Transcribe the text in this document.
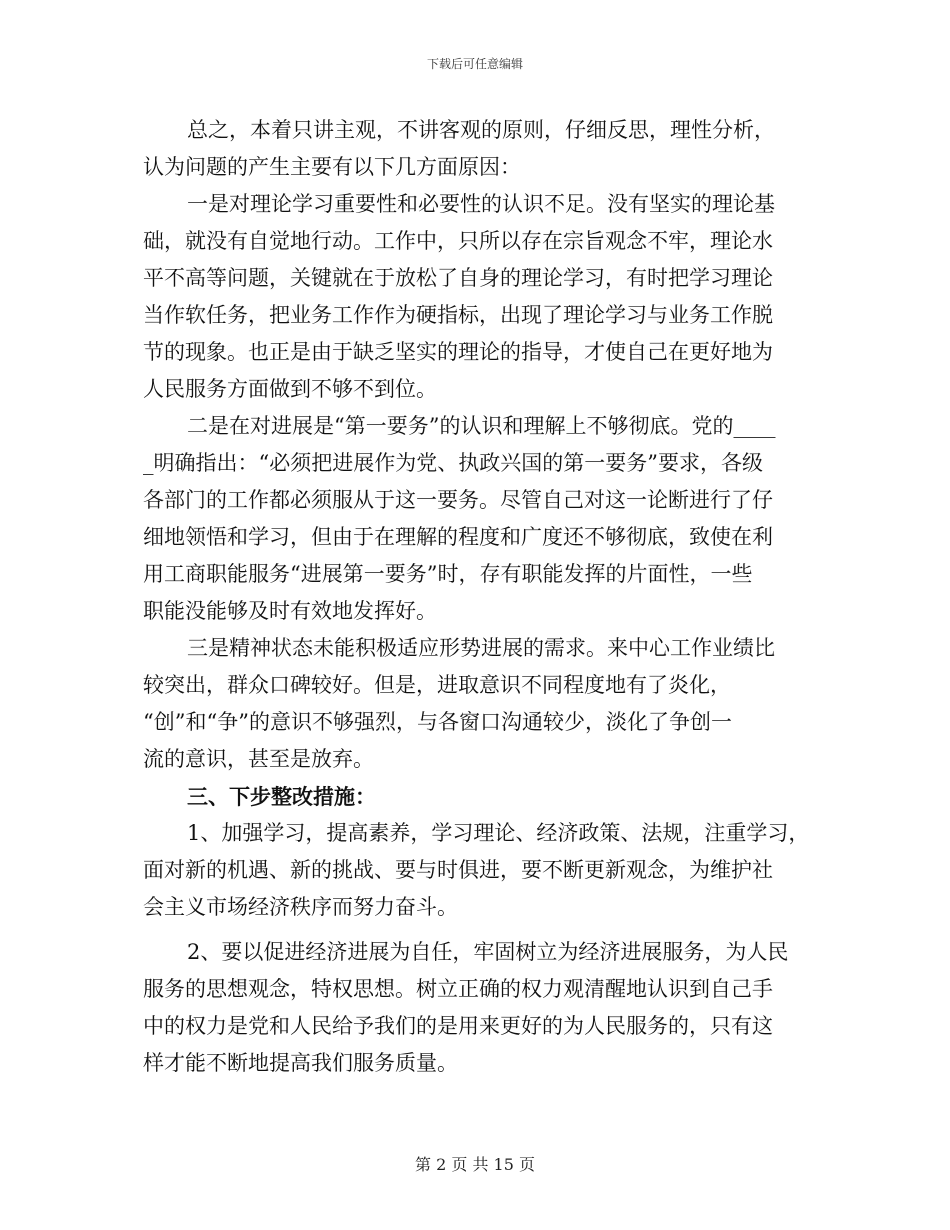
下载后可任意编辑
总之，本着只讲主观，不讲客观的原则，仔细反思，理性分析，
认为问题的产生主要有以下几方面原因：
一是对理论学习重要性和必要性的认识不足。没有坚实的理论基
础，就没有自觉地行动。工作中，只所以存在宗旨观念不牢，理论水
平不高等问题，关键就在于放松了自身的理论学习，有时把学习理论
当作软任务，把业务工作作为硬指标，出现了理论学习与业务工作脱
节的现象。也正是由于缺乏坚实的理论的指导，才使自己在更好地为
人民服务方面做到不够不到位。
二是在对进展是“第一要务”的认识和理解上不够彻底。党的____
_明确指出：“必须把进展作为党、执政兴国的第一要务”要求，各级
各部门的工作都必须服从于这一要务。尽管自己对这一论断进行了仔
细地领悟和学习，但由于在理解的程度和广度还不够彻底，致使在利
用工商职能服务“进展第一要务”时，存有职能发挥的片面性，一些
职能没能够及时有效地发挥好。
三是精神状态未能积极适应形势进展的需求。来中心工作业绩比
较突出，群众口碑较好。但是，进取意识不同程度地有了炎化，
“创”和“争”的意识不够强烈，与各窗口沟通较少，淡化了争创一
流的意识，甚至是放弃。
三、下步整改措施：
1、加强学习，提高素养，学习理论、经济政策、法规，注重学习，
面对新的机遇、新的挑战、要与时俱进，要不断更新观念，为维护社
会主义市场经济秩序而努力奋斗。
2、要以促进经济进展为自任，牢固树立为经济进展服务，为人民
服务的思想观念，特权思想。树立正确的权力观清醒地认识到自己手
中的权力是党和人民给予我们的是用来更好的为人民服务的，只有这
样才能不断地提高我们服务质量。
第 2 页 共 15 页
